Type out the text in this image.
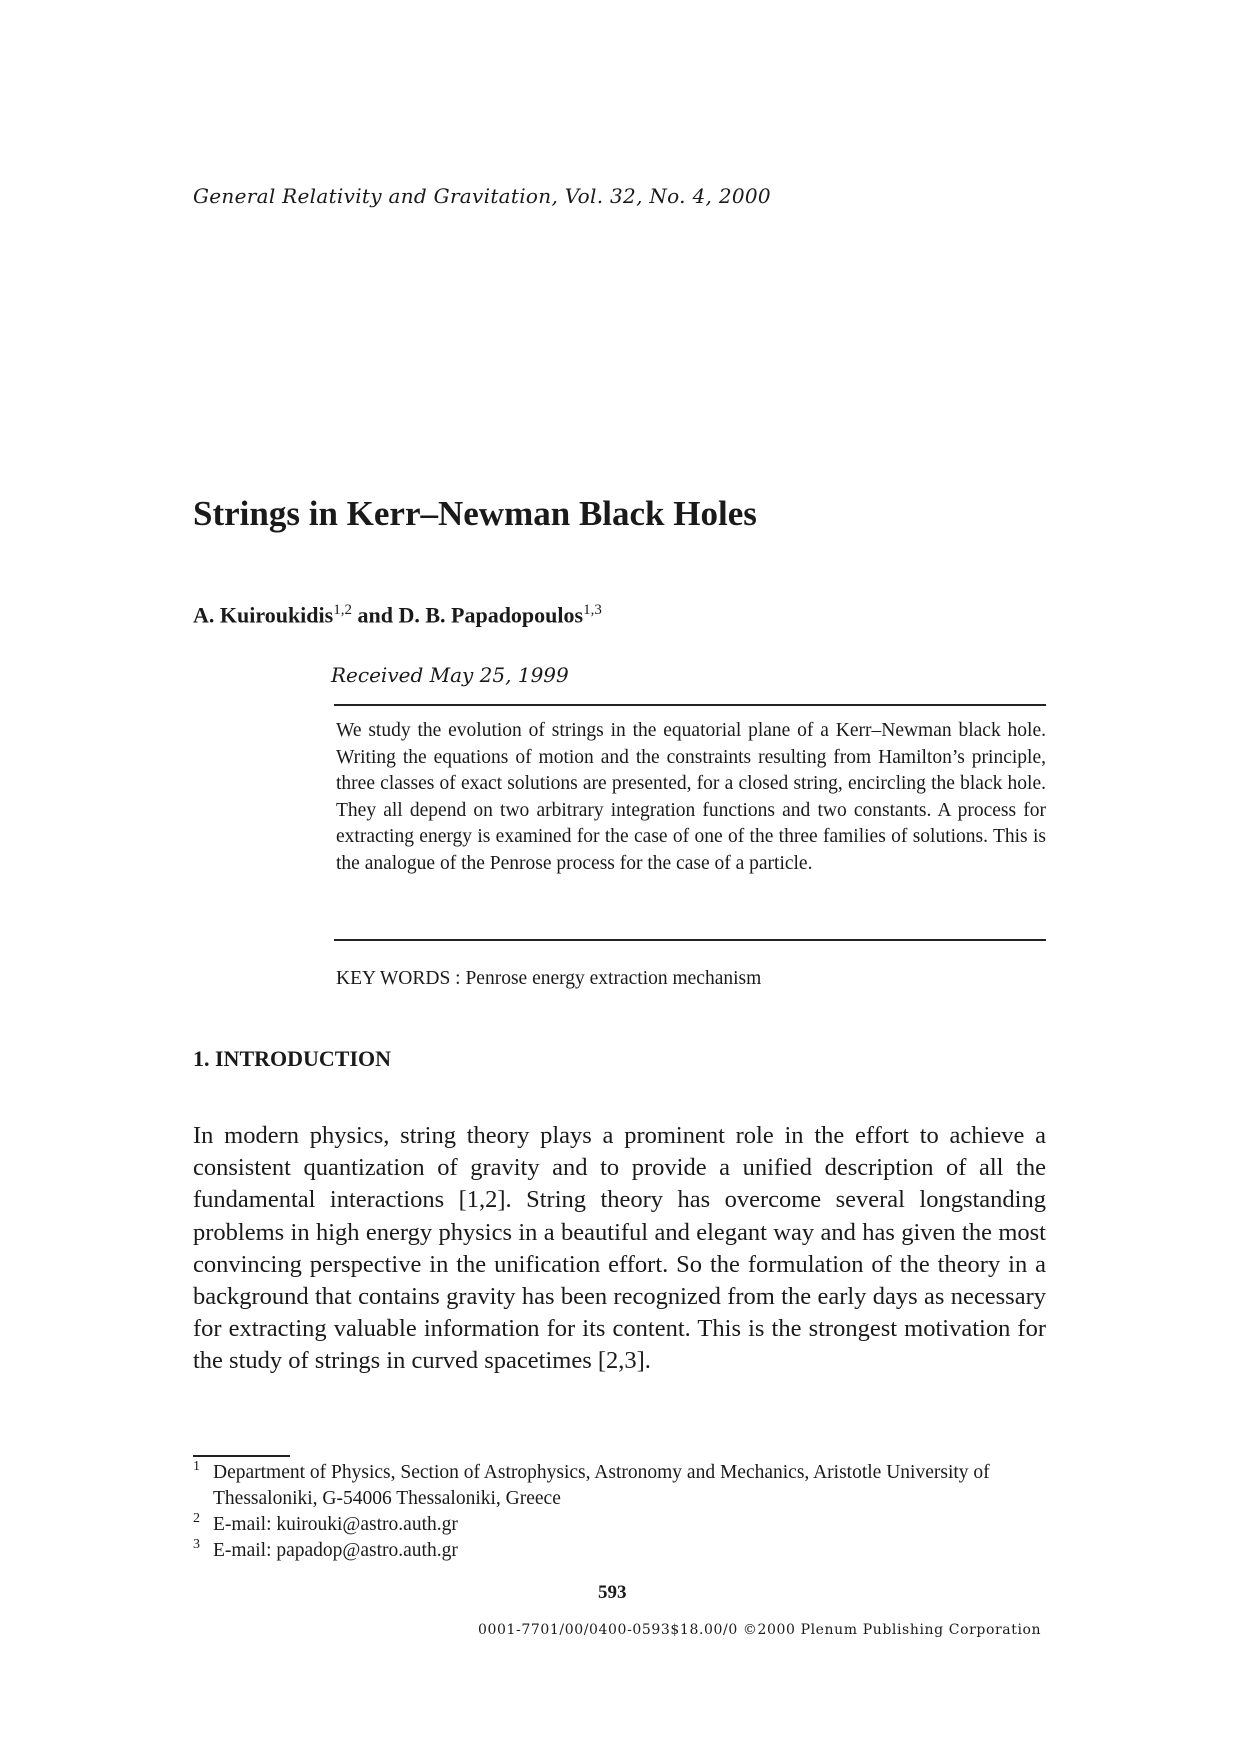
General Relativity and Gravitation, Vol. 32, No. 4, 2000
Strings in Kerr–Newman Black Holes
A. Kuiroukidis$^{1,2}$ and D. B. Papadopoulos$^{1,3}$
Received May 25, 1999
We study the evolution of strings in the equatorial plane of a Kerr–Newman black hole. Writing the equations of motion and the constraints resulting from Hamilton’s principle, three classes of exact solutions are presented, for a closed string, encircling the black hole. They all depend on two arbitrary integration functions and two constants. A process for extracting energy is examined for the case of one of the three families of solutions. This is the analogue of the Penrose process for the case of a particle.
KEY WORDS : Penrose energy extraction mechanism
1. INTRODUCTION
In modern physics, string theory plays a prominent role in the effort to achieve a consistent quantization of gravity and to provide a unified description of all the fundamental interactions [1,2]. String theory has overcome several longstanding problems in high energy physics in a beautiful and elegant way and has given the most convincing perspective in the unification effort. So the formulation of the theory in a background that contains gravity has been recognized from the early days as necessary for extracting valuable information for its content. This is the strongest motivation for the study of strings in curved spacetimes [2,3].
1 Department of Physics, Section of Astrophysics, Astronomy and Mechanics, Aristotle University of Thessaloniki, G-54006 Thessaloniki, Greece
2 E-mail: kuirouki@astro.auth.gr
3 E-mail: papadop@astro.auth.gr
593
0001-7701/00/0400-0593$18.00/0 ©2000 Plenum Publishing Corporation
